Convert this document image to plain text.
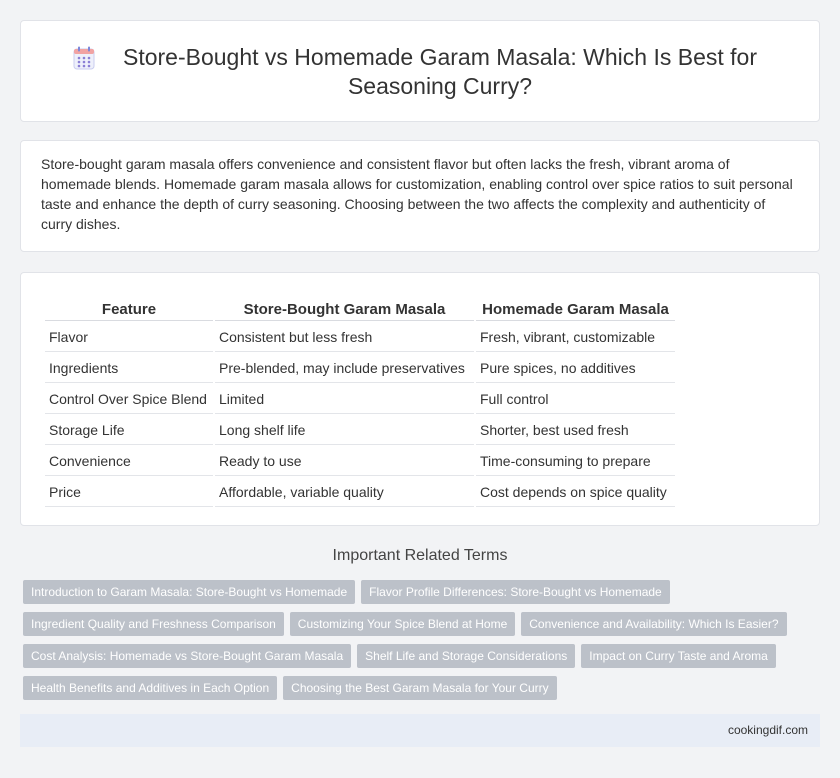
Store-Bought vs Homemade Garam Masala: Which Is Best for Seasoning Curry?

Store-bought garam masala offers convenience and consistent flavor but often lacks the fresh, vibrant aroma of homemade blends. Homemade garam masala allows for customization, enabling control over spice ratios to suit personal taste and enhance the depth of curry seasoning. Choosing between the two affects the complexity and authenticity of curry dishes.

Feature	Store-Bought Garam Masala	Homemade Garam Masala
Flavor	Consistent but less fresh	Fresh, vibrant, customizable
Ingredients	Pre-blended, may include preservatives	Pure spices, no additives
Control Over Spice Blend	Limited	Full control
Storage Life	Long shelf life	Shorter, best used fresh
Convenience	Ready to use	Time-consuming to prepare
Price	Affordable, variable quality	Cost depends on spice quality
Important Related Terms
Introduction to Garam Masala: Store-Bought vs Homemade Flavor Profile Differences: Store-Bought vs Homemade
Ingredient Quality and Freshness Comparison Customizing Your Spice Blend at Home Convenience and Availability: Which Is Easier?
Cost Analysis: Homemade vs Store-Bought Garam Masala Shelf Life and Storage Considerations Impact on Curry Taste and Aroma
Health Benefits and Additives in Each Option Choosing the Best Garam Masala for Your Curry
cookingdif.com
